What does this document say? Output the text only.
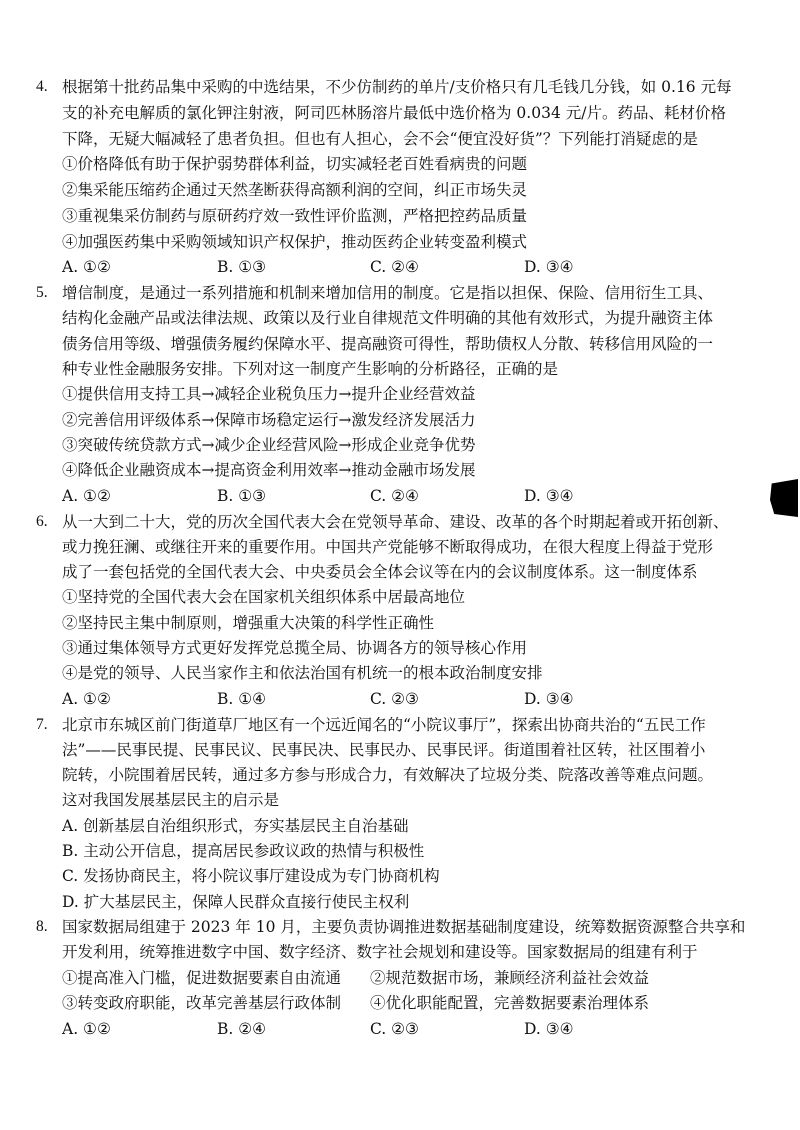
4. 根据第十批药品集中采购的中选结果，不少仿制药的单片/支价格只有几毛钱几分钱，如 0.16 元每
支的补充电解质的氯化钾注射液，阿司匹林肠溶片最低中选价格为 0.034 元/片。药品、耗材价格
下降，无疑大幅减轻了患者负担。但也有人担心，会不会“便宜没好货”？下列能打消疑虑的是
①价格降低有助于保护弱势群体利益，切实减轻老百姓看病贵的问题
②集采能压缩药企通过天然垄断获得高额利润的空间，纠正市场失灵
③重视集采仿制药与原研药疗效一致性评价监测，严格把控药品质量
④加强医药集中采购领域知识产权保护，推动医药企业转变盈利模式
A. ①②	B. ①③	C. ②④	D. ③④
5. 增信制度，是通过一系列措施和机制来增加信用的制度。它是指以担保、保险、信用衍生工具、
结构化金融产品或法律法规、政策以及行业自律规范文件明确的其他有效形式，为提升融资主体
债务信用等级、增强债务履约保障水平、提高融资可得性，帮助债权人分散、转移信用风险的一
种专业性金融服务安排。下列对这一制度产生影响的分析路径，正确的是
①提供信用支持工具→减轻企业税负压力→提升企业经营效益
②完善信用评级体系→保障市场稳定运行→激发经济发展活力
③突破传统贷款方式→减少企业经营风险→形成企业竞争优势
④降低企业融资成本→提高资金利用效率→推动金融市场发展
A. ①②	B. ①③	C. ②④	D. ③④
6. 从一大到二十大，党的历次全国代表大会在党领导革命、建设、改革的各个时期起着或开拓创新、
或力挽狂澜、或继往开来的重要作用。中国共产党能够不断取得成功，在很大程度上得益于党形
成了一套包括党的全国代表大会、中央委员会全体会议等在内的会议制度体系。这一制度体系
①坚持党的全国代表大会在国家机关组织体系中居最高地位
②坚持民主集中制原则，增强重大决策的科学性正确性
③通过集体领导方式更好发挥党总揽全局、协调各方的领导核心作用
④是党的领导、人民当家作主和依法治国有机统一的根本政治制度安排
A. ①②	B. ①④	C. ②③	D. ③④
7. 北京市东城区前门街道草厂地区有一个远近闻名的“小院议事厅”，探索出协商共治的“五民工作
法”——民事民提、民事民议、民事民决、民事民办、民事民评。街道围着社区转，社区围着小
院转，小院围着居民转，通过多方参与形成合力，有效解决了垃圾分类、院落改善等难点问题。
这对我国发展基层民主的启示是
A. 创新基层自治组织形式，夯实基层民主自治基础
B. 主动公开信息，提高居民参政议政的热情与积极性
C. 发扬协商民主，将小院议事厅建设成为专门协商机构
D. 扩大基层民主，保障人民群众直接行使民主权利
8. 国家数据局组建于 2023 年 10 月，主要负责协调推进数据基础制度建设，统筹数据资源整合共享和
开发利用，统筹推进数字中国、数字经济、数字社会规划和建设等。国家数据局的组建有利于
①提高准入门槛，促进数据要素自由流通 ②规范数据市场，兼顾经济利益社会效益
③转变政府职能，改革完善基层行政体制 ④优化职能配置，完善数据要素治理体系
A. ①②	B. ②④	C. ②③	D. ③④
